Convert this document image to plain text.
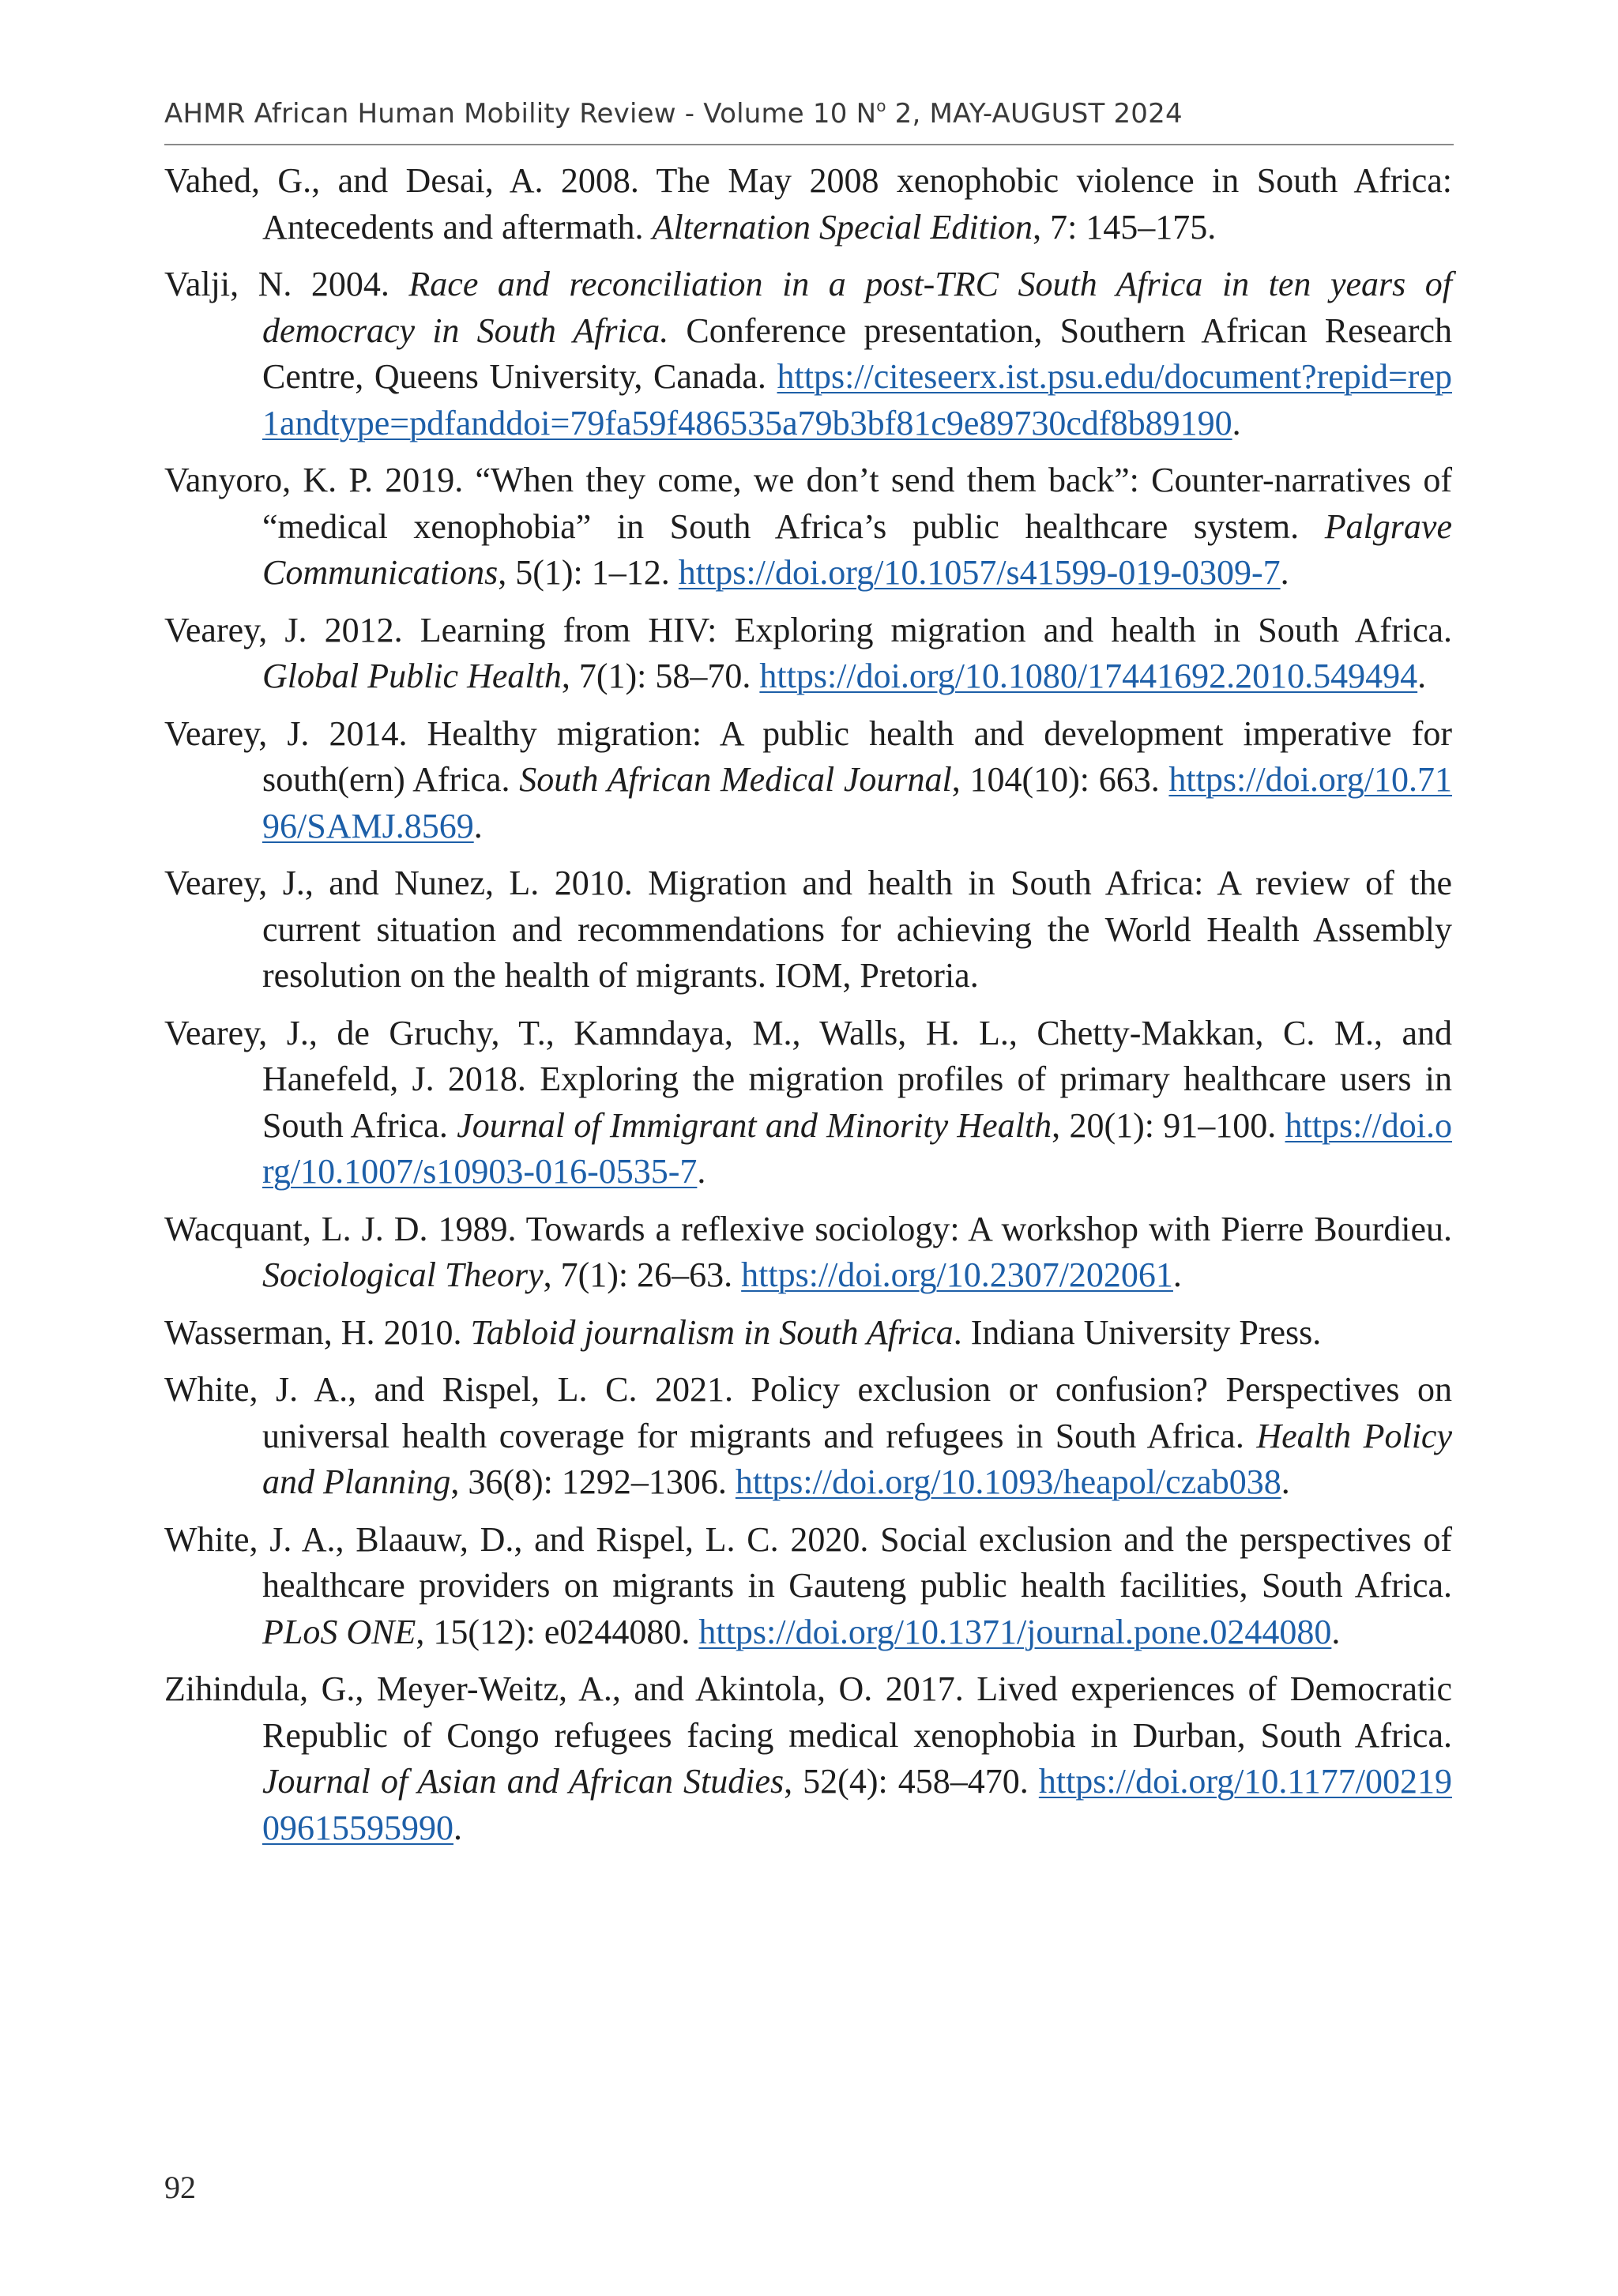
AHMR African Human Mobility Review - Volume 10 $N^o$ 2, MAY-AUGUST 2024
Vahed, G., and Desai, A. 2008. The May 2008 xenophobic violence in South Africa: Antecedents and aftermath. Alternation Special Edition, 7: 145–175.
Valji, N. 2004. Race and reconciliation in a post-TRC South Africa in ten years of democracy in South Africa. Conference presentation, Southern African Research Centre, Queens University, Canada. https://citeseerx.ist.psu.edu/document?repid=rep1andtype=pdfanddoi=79fa59f486535a79b3bf81c9e89730cdf8b89190.
Vanyoro, K. P. 2019. “When they come, we don’t send them back”: Counter-narratives of “medical xenophobia” in South Africa’s public healthcare system. Palgrave Communications, 5(1): 1–12. https://doi.org/10.1057/s41599-019-0309-7.
Vearey, J. 2012. Learning from HIV: Exploring migration and health in South Africa. Global Public Health, 7(1): 58–70. https://doi.org/10.1080/17441692.2010.549494.
Vearey, J. 2014. Healthy migration: A public health and development imperative for south(ern) Africa. South African Medical Journal, 104(10): 663. https://doi.org/10.7196/SAMJ.8569.
Vearey, J., and Nunez, L. 2010. Migration and health in South Africa: A review of the current situation and recommendations for achieving the World Health Assembly resolution on the health of migrants. IOM, Pretoria.
Vearey, J., de Gruchy, T., Kamndaya, M., Walls, H. L., Chetty-Makkan, C. M., and Hanefeld, J. 2018. Exploring the migration profiles of primary healthcare users in South Africa. Journal of Immigrant and Minority Health, 20(1): 91–100. https://doi.org/10.1007/s10903-016-0535-7.
Wacquant, L. J. D. 1989. Towards a reflexive sociology: A workshop with Pierre Bourdieu. Sociological Theory, 7(1): 26–63. https://doi.org/10.2307/202061.
Wasserman, H. 2010. Tabloid journalism in South Africa. Indiana University Press.
White, J. A., and Rispel, L. C. 2021. Policy exclusion or confusion? Perspectives on universal health coverage for migrants and refugees in South Africa. Health Policy and Planning, 36(8): 1292–1306. https://doi.org/10.1093/heapol/czab038.
White, J. A., Blaauw, D., and Rispel, L. C. 2020. Social exclusion and the perspectives of healthcare providers on migrants in Gauteng public health facilities, South Africa. PLoS ONE, 15(12): e0244080. https://doi.org/10.1371/journal.pone.0244080.
Zihindula, G., Meyer-Weitz, A., and Akintola, O. 2017. Lived experiences of Democratic Republic of Congo refugees facing medical xenophobia in Durban, South Africa. Journal of Asian and African Studies, 52(4): 458–470. https://doi.org/10.1177/0021909615595990.
92
